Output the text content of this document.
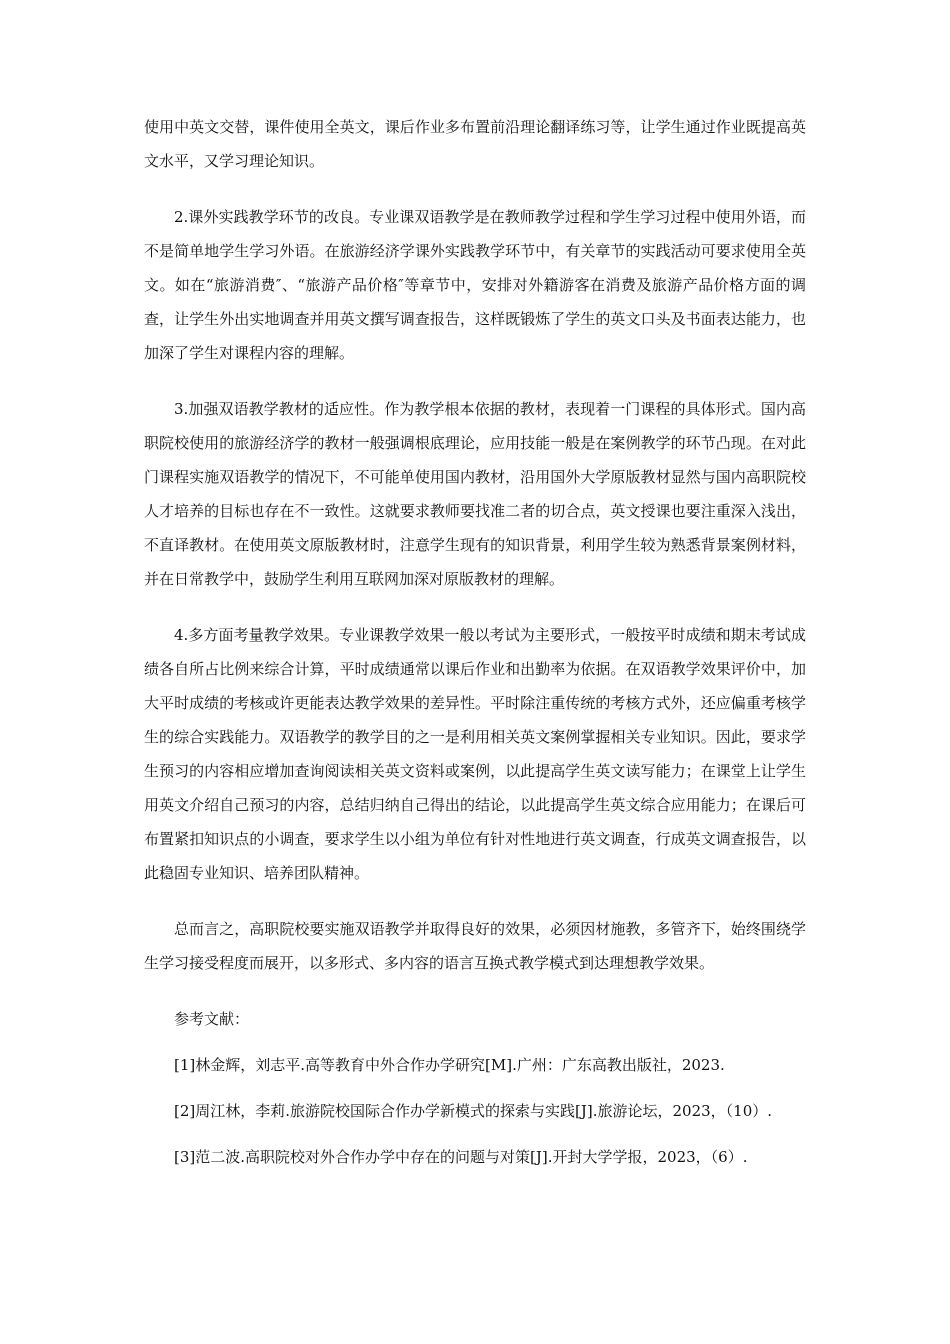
使用中英文交替，课件使用全英文，课后作业多布置前沿理论翻译练习等，让学生通过作业既提高英文水平，又学习理论知识。

2.课外实践教学环节的改良。专业课双语教学是在教师教学过程和学生学习过程中使用外语，而不是简单地学生学习外语。在旅游经济学课外实践教学环节中，有关章节的实践活动可要求使用全英文。如在“旅游消费″、“旅游产品价格″等章节中，安排对外籍游客在消费及旅游产品价格方面的调查，让学生外出实地调查并用英文撰写调查报告，这样既锻炼了学生的英文口头及书面表达能力，也加深了学生对课程内容的理解。

3.加强双语教学教材的适应性。作为教学根本依据的教材，表现着一门课程的具体形式。国内高职院校使用的旅游经济学的教材一般强调根底理论，应用技能一般是在案例教学的环节凸现。在对此门课程实施双语教学的情况下，不可能单使用国内教材，沿用国外大学原版教材显然与国内高职院校人才培养的目标也存在不一致性。这就要求教师要找准二者的切合点，英文授课也要注重深入浅出，不直译教材。在使用英文原版教材时，注意学生现有的知识背景，利用学生较为熟悉背景案例材料，并在日常教学中，鼓励学生利用互联网加深对原版教材的理解。

4.多方面考量教学效果。专业课教学效果一般以考试为主要形式，一般按平时成绩和期末考试成绩各自所占比例来综合计算，平时成绩通常以课后作业和出勤率为依据。在双语教学效果评价中，加大平时成绩的考核或许更能表达教学效果的差异性。平时除注重传统的考核方式外，还应偏重考核学生的综合实践能力。双语教学的教学目的之一是利用相关英文案例掌握相关专业知识。因此，要求学生预习的内容相应增加查询阅读相关英文资料或案例，以此提高学生英文读写能力；在课堂上让学生用英文介绍自己预习的内容，总结归纳自己得出的结论，以此提高学生英文综合应用能力；在课后可布置紧扣知识点的小调查，要求学生以小组为单位有针对性地进行英文调查，行成英文调查报告，以此稳固专业知识、培养团队精神。

总而言之，高职院校要实施双语教学并取得良好的效果，必须因材施教，多管齐下，始终围绕学生学习接受程度而展开，以多形式、多内容的语言互换式教学模式到达理想教学效果。

参考文献：

[1]林金辉，刘志平.高等教育中外合作办学研究[M].广州：广东高教出版社，2023.

[2]周江林，李莉.旅游院校国际合作办学新模式的探索与实践[J].旅游论坛，2023，（10）.

[3]范二波.高职院校对外合作办学中存在的问题与对策[J].开封大学学报，2023，（6）.
